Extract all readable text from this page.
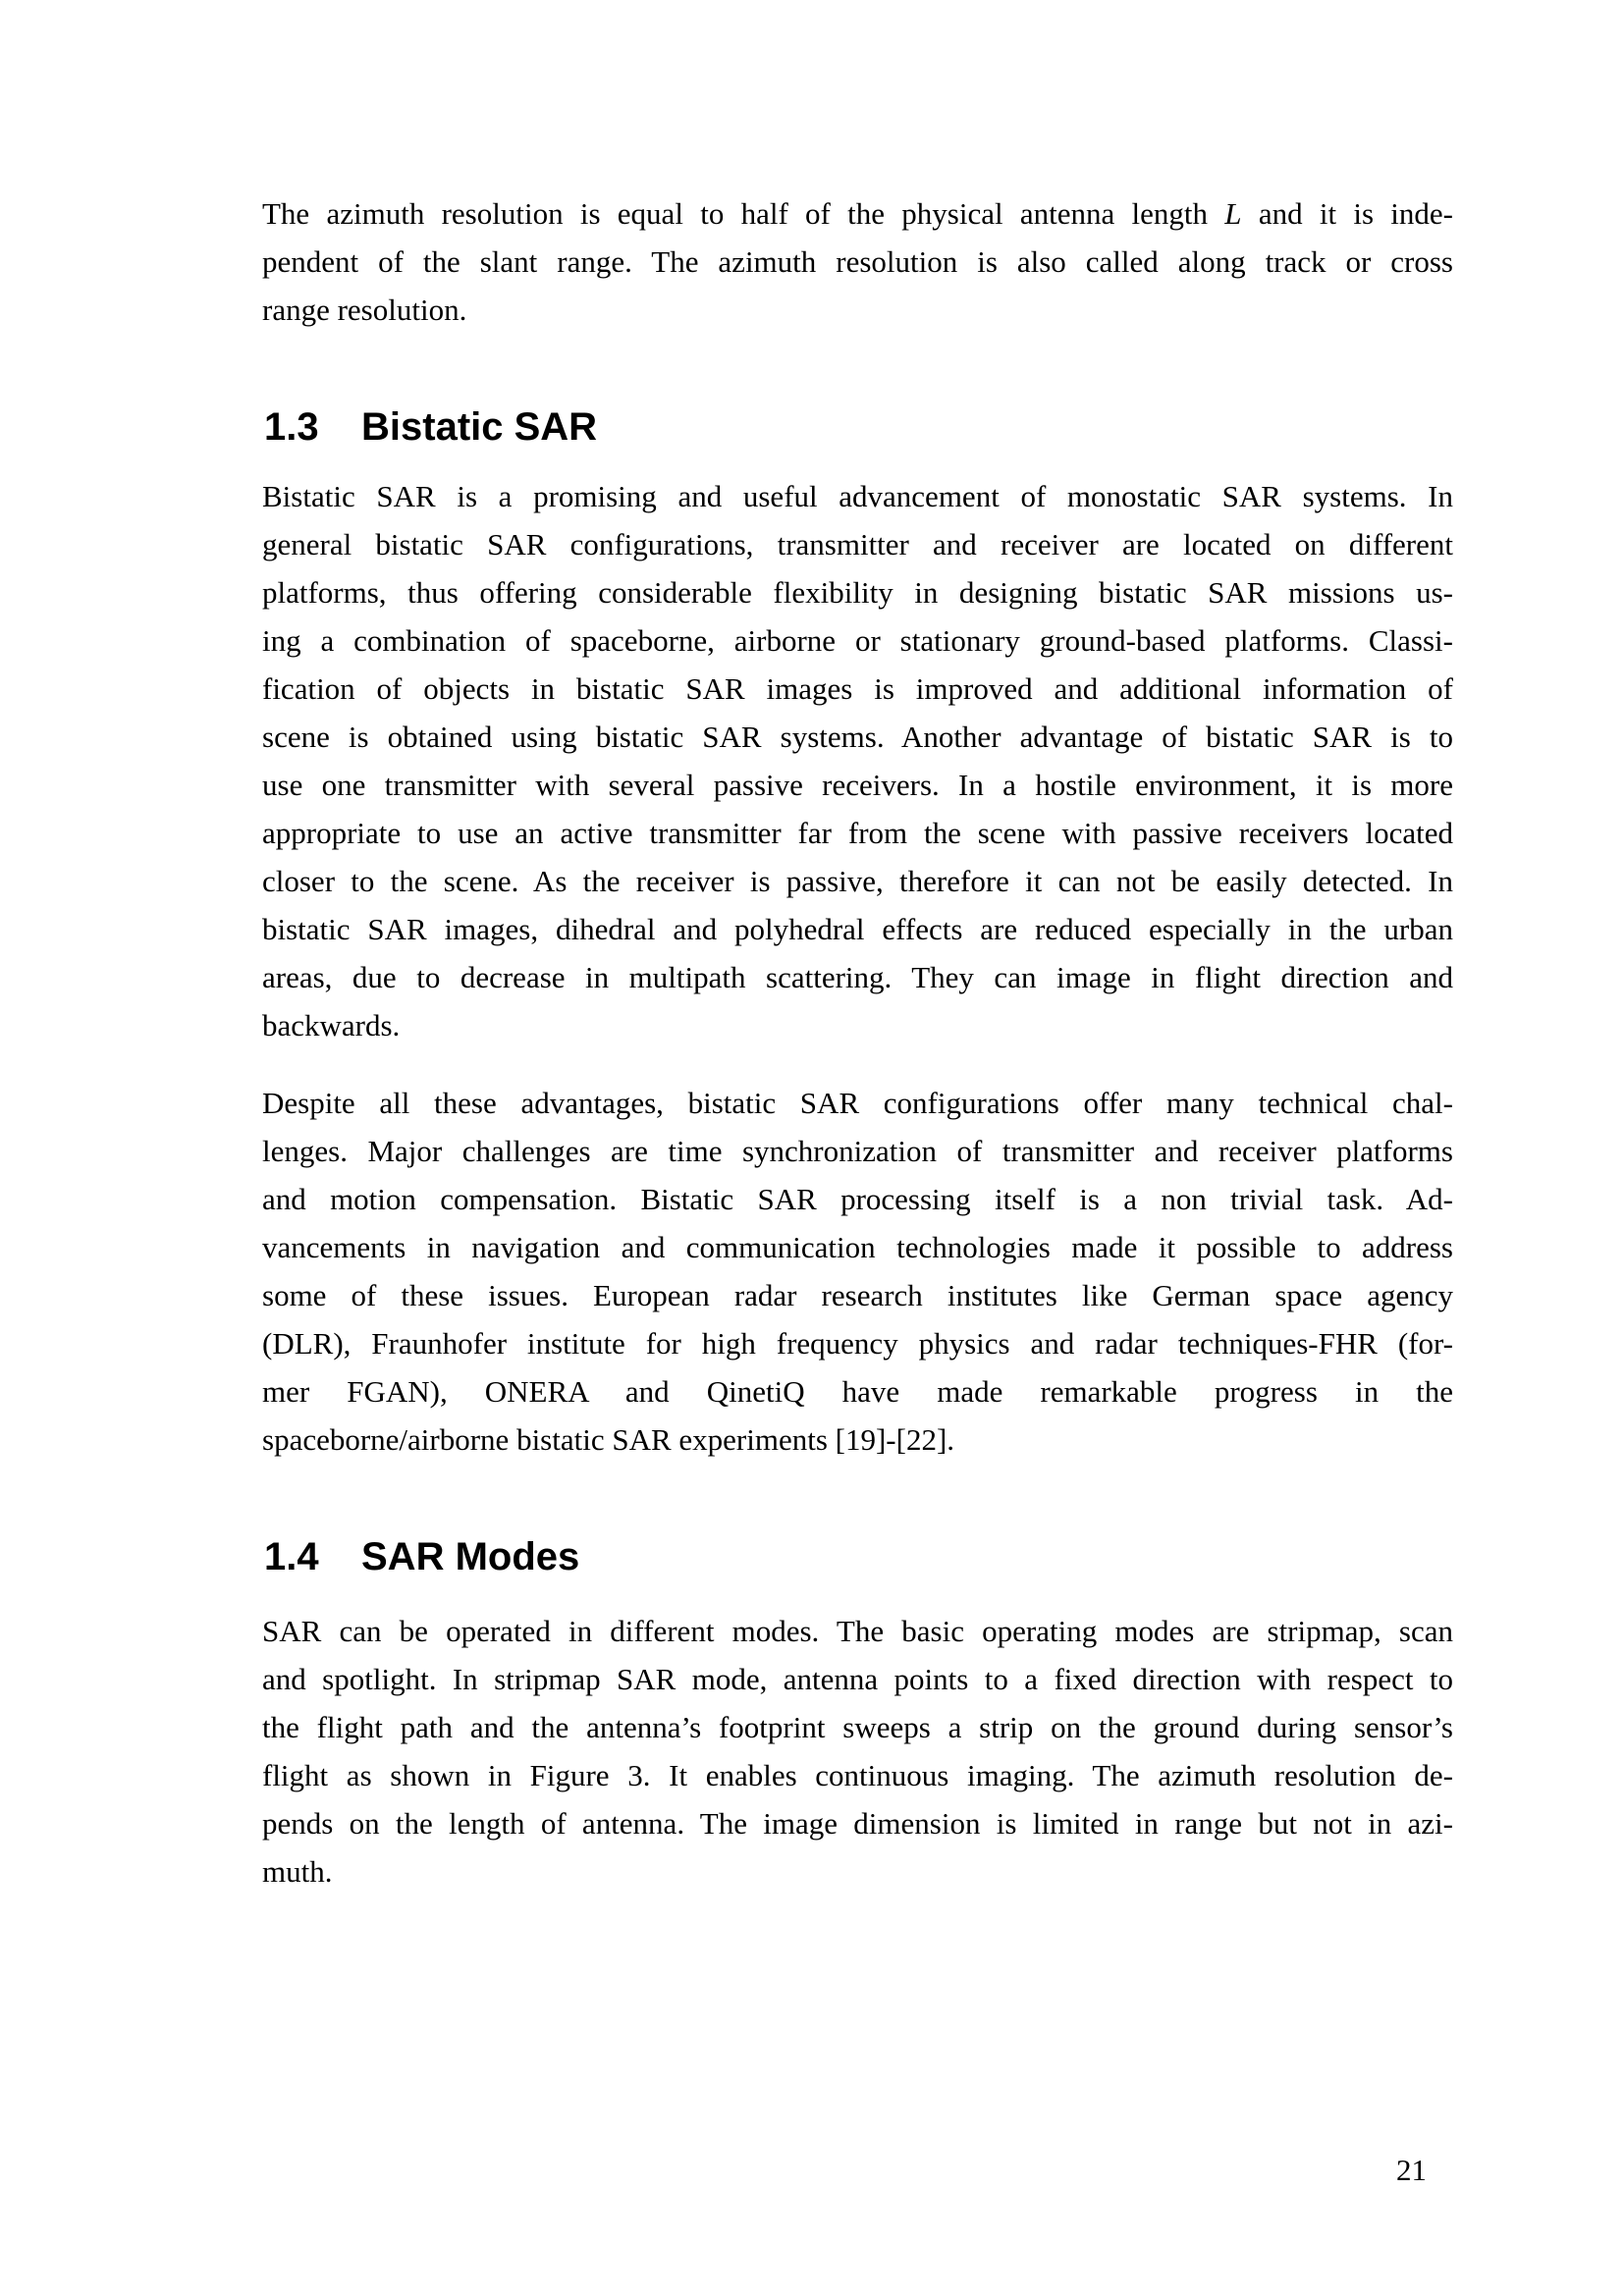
The azimuth resolution is equal to half of the physical antenna length L and it is inde-
pendent of the slant range. The azimuth resolution is also called along track or cross
range resolution.
1.3 Bistatic SAR
Bistatic SAR is a promising and useful advancement of monostatic SAR systems. In
general bistatic SAR configurations, transmitter and receiver are located on different
platforms, thus offering considerable flexibility in designing bistatic SAR missions us-
ing a combination of spaceborne, airborne or stationary ground-based platforms. Classi-
fication of objects in bistatic SAR images is improved and additional information of
scene is obtained using bistatic SAR systems. Another advantage of bistatic SAR is to
use one transmitter with several passive receivers. In a hostile environment, it is more
appropriate to use an active transmitter far from the scene with passive receivers located
closer to the scene. As the receiver is passive, therefore it can not be easily detected. In
bistatic SAR images, dihedral and polyhedral effects are reduced especially in the urban
areas, due to decrease in multipath scattering. They can image in flight direction and
backwards.
Despite all these advantages, bistatic SAR configurations offer many technical chal-
lenges. Major challenges are time synchronization of transmitter and receiver platforms
and motion compensation. Bistatic SAR processing itself is a non trivial task. Ad-
vancements in navigation and communication technologies made it possible to address
some of these issues. European radar research institutes like German space agency
(DLR), Fraunhofer institute for high frequency physics and radar techniques-FHR (for-
mer FGAN), ONERA and QinetiQ have made remarkable progress in the
spaceborne/airborne bistatic SAR experiments [19]-[22].
1.4 SAR Modes
SAR can be operated in different modes. The basic operating modes are stripmap, scan
and spotlight. In stripmap SAR mode, antenna points to a fixed direction with respect to
the flight path and the antenna’s footprint sweeps a strip on the ground during sensor’s
flight as shown in Figure 3. It enables continuous imaging. The azimuth resolution de-
pends on the length of antenna. The image dimension is limited in range but not in azi-
muth.
21
